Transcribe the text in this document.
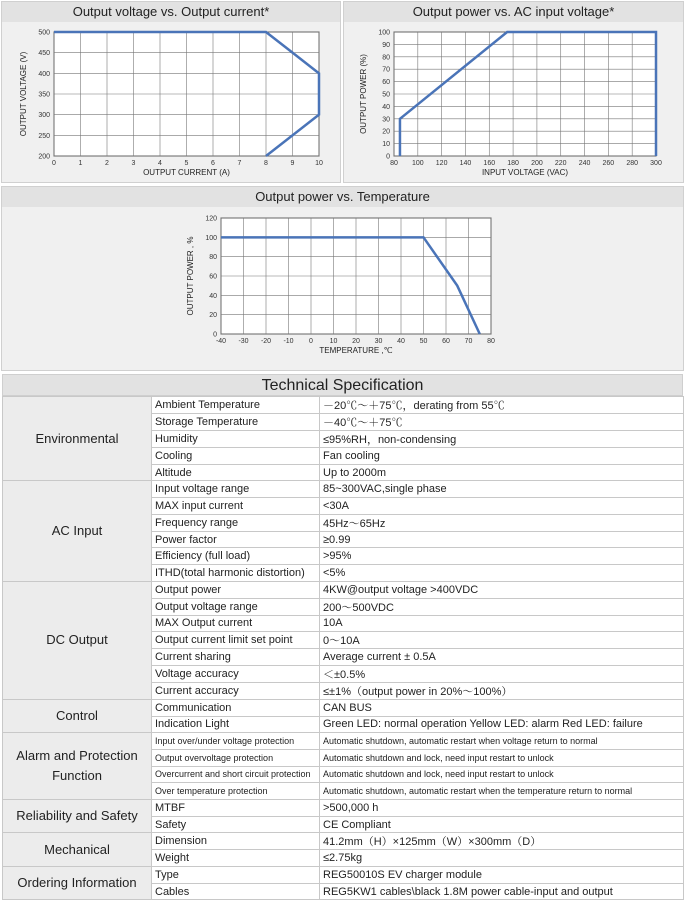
Output voltage vs. Output current*
0	1	2	3	4	5	6	7	8	9	10
200
250
300
350
400
450
500
OUTPUT CURRENT (A)
OUTPUT VOLTAGE (V)
Output power vs. AC input voltage*
80 100 120 140 160 180 200 220 240 260 280 300
0
10
20
30
40
50
60
70
80
90
100
INPUT VOLTAGE (VAC)
OUTPUT POWER (%)
Output power vs. Temperature
-40 -30 -20 -10 0 10 20 30 40 50 60 70 80
0
20
40
60
80
100
120
TEMPERATURE ,℃
OUTPUT POWER , %
Technical Specification
Environmental	Ambient Temperature	－20℃～＋75℃，derating from 55℃
	Storage Temperature	－40℃～＋75℃
	Humidity	≤95%RH，non-condensing
	Cooling	Fan cooling
	Altitude	Up to 2000m
AC Input	Input voltage range	85~300VAC,single phase
	MAX input current	<30A
	Frequency range	45Hz～65Hz
	Power factor	≥0.99
	Efficiency (full load)	>95%
	ITHD(total harmonic distortion)	<5%
DC Output	Output power	4KW@output voltage >400VDC
	Output voltage range	200～500VDC
	MAX Output current	10A
	Output current limit set point	0～10A
	Current sharing	Average current ± 0.5A
	Voltage accuracy	＜±0.5%
	Current accuracy	≤±1%（output power in 20%～100%）
Control	Communication	CAN BUS
	Indication Light	Green LED: normal operation Yellow LED: alarm Red LED: failure
Alarm and Protection Function	Input over/under voltage protection	Automatic shutdown, automatic restart when voltage return to normal
	Output overvoltage protection	Automatic shutdown and lock, need input restart to unlock
	Overcurrent and short circuit protection	Automatic shutdown and lock, need input restart to unlock
	Over temperature protection	Automatic shutdown, automatic restart when the temperature return to normal
Reliability and Safety	MTBF	>500,000 h
	Safety	CE Compliant
Mechanical	Dimension	41.2mm（H）×125mm（W）×300mm（D）
	Weight	≤2.75kg
Ordering Information	Type	REG50010S EV charger module
	Cables	REG5KW1 cables\black 1.8M power cable-input and output
